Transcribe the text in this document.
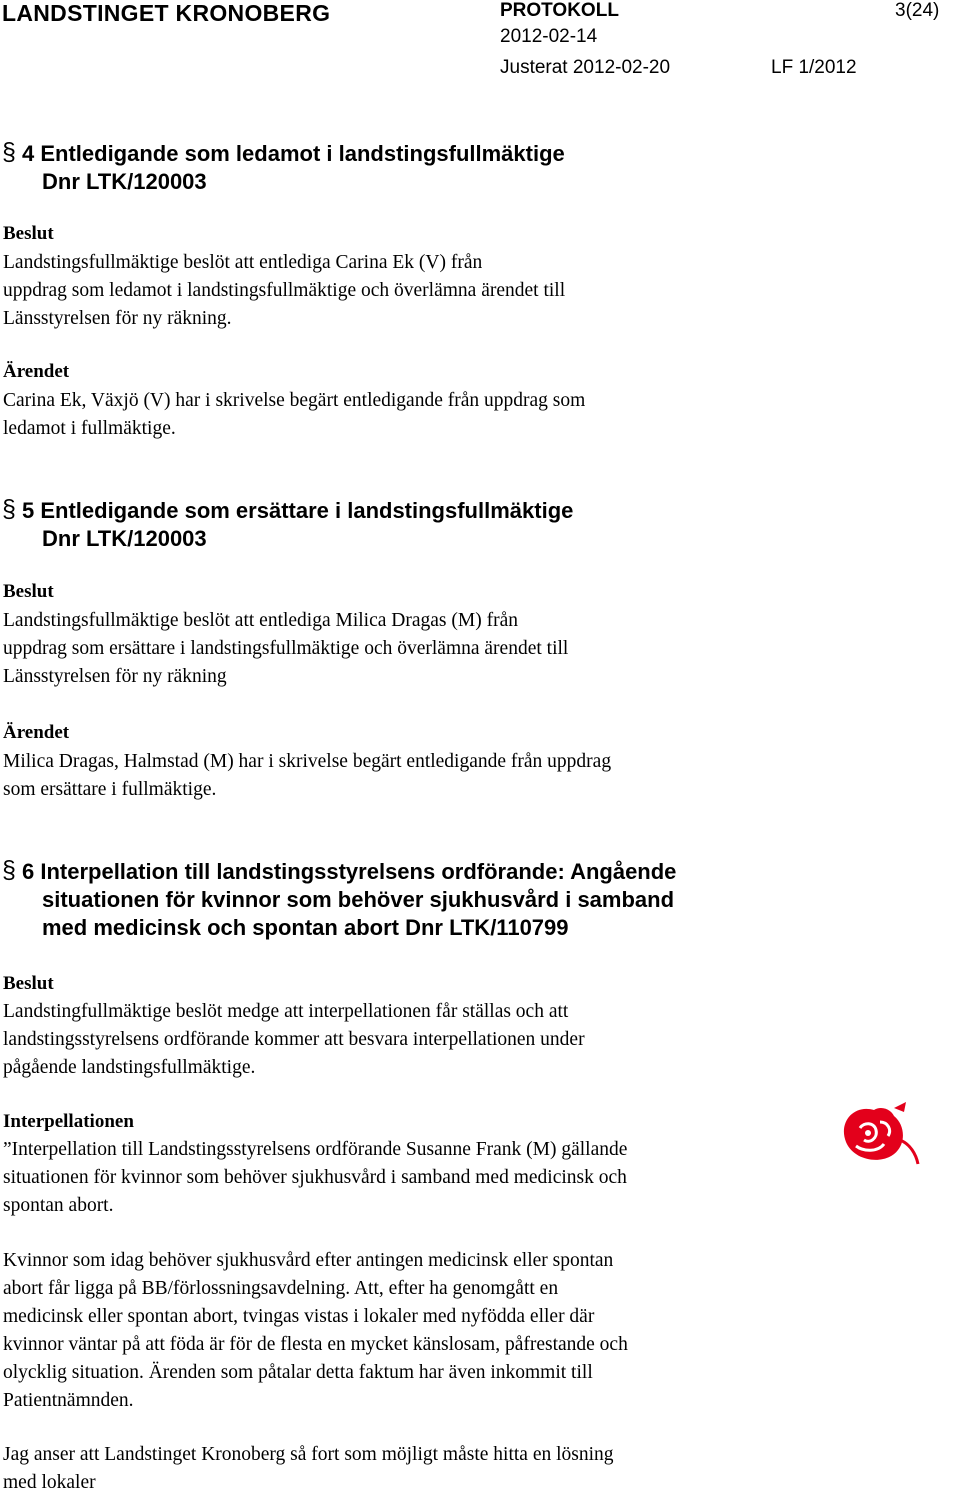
LANDSTINGET KRONOBERG	PROTOKOLL	3(24)
2012-02-14
Justerat 2012-02-20	LF 1/2012
§ 4 Entledigande som ledamot i landstingsfullmäktige
Dnr LTK/120003
Beslut
Landstingsfullmäktige beslöt att entlediga Carina Ek (V) från
uppdrag som ledamot i landstingsfullmäktige och överlämna ärendet till
Länsstyrelsen för ny räkning.
Ärendet
Carina Ek, Växjö (V) har i skrivelse begärt entledigande från uppdrag som
ledamot i fullmäktige.
§ 5 Entledigande som ersättare i landstingsfullmäktige
Dnr LTK/120003
Beslut
Landstingsfullmäktige beslöt att entlediga Milica Dragas (M) från
uppdrag som ersättare i landstingsfullmäktige och överlämna ärendet till
Länsstyrelsen för ny räkning
Ärendet
Milica Dragas, Halmstad (M) har i skrivelse begärt entledigande från uppdrag
som ersättare i fullmäktige.
§ 6 Interpellation till landstingsstyrelsens ordförande: Angående
situationen för kvinnor som behöver sjukhusvård i samband
med medicinsk och spontan abort Dnr LTK/110799
Beslut
Landstingfullmäktige beslöt medge att interpellationen får ställas och att
landstingsstyrelsens ordförande kommer att besvara interpellationen under
pågående landstingsfullmäktige.
Interpellationen
”Interpellation till Landstingsstyrelsens ordförande Susanne Frank (M) gällande
situationen för kvinnor som behöver sjukhusvård i samband med medicinsk och
spontan abort.
Kvinnor som idag behöver sjukhusvård efter antingen medicinsk eller spontan
abort får ligga på BB/förlossningsavdelning. Att, efter ha genomgått en
medicinsk eller spontan abort, tvingas vistas i lokaler med nyfödda eller där
kvinnor väntar på att föda är för de flesta en mycket känslosam, påfrestande och
olycklig situation. Ärenden som påtalar detta faktum har även inkommit till
Patientnämnden.
Jag anser att Landstinget Kronoberg så fort som möjligt måste hitta en lösning
med lokaler
